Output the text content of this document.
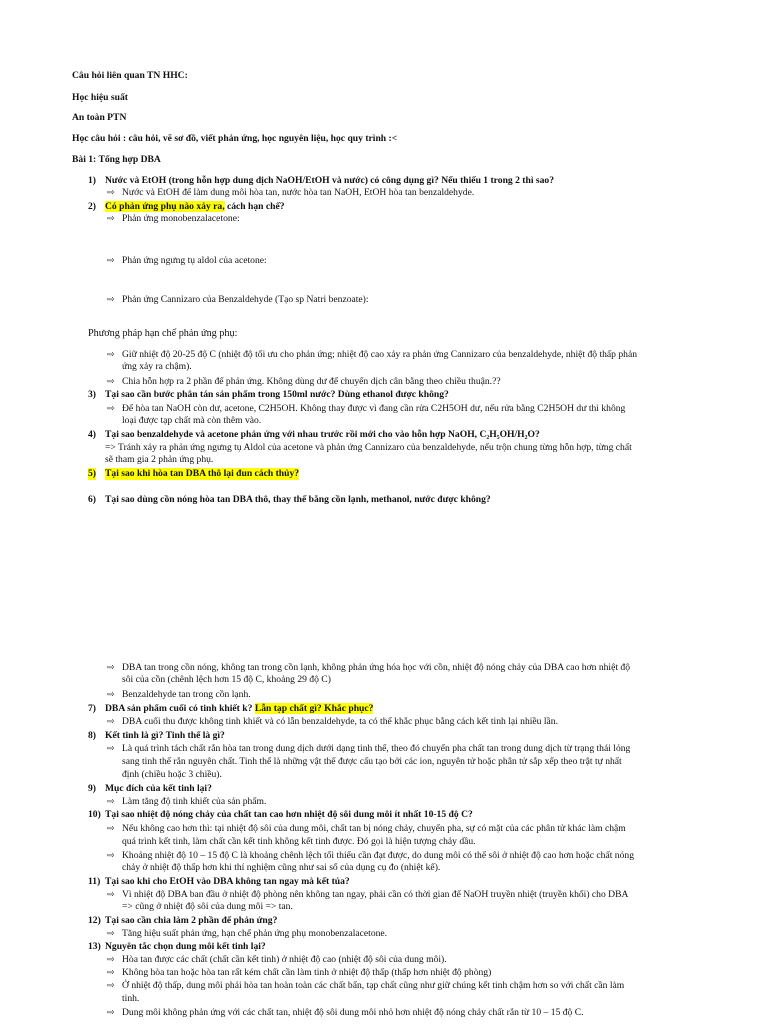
Câu hỏi liên quan TN HHC:
Học hiệu suất
An toàn PTN
Học câu hỏi : câu hỏi, vẽ sơ đồ, viết phản ứng, học nguyên liệu, học quy trình :<
Bài 1: Tổng hợp DBA
1) Nước và EtOH (trong hỗn hợp dung dịch NaOH/EtOH và nước) có công dụng gì? Nếu thiếu 1 trong 2 thì sao?
⇨ Nước và EtOH để làm dung môi hòa tan, nước hòa tan NaOH, EtOH hòa tan benzaldehyde.
2) Có phản ứng phụ nào xảy ra, cách hạn chế?
⇨ Phản ứng monobenzalacetone:
⇨ Phản ứng ngưng tụ aldol của acetone:
⇨ Phản ứng Cannizaro của Benzaldehyde (Tạo sp Natri benzoate):
Phương pháp hạn chế phản ứng phụ:
⇨ Giữ nhiệt độ 20-25 độ C (nhiệt độ tối ưu cho phản ứng; nhiệt độ cao xảy ra phản ứng Cannizaro của benzaldehyde, nhiệt độ thấp phản
ứng xảy ra chậm).
⇨ Chia hỗn hợp ra 2 phần để phản ứng. Không dùng dư để chuyển dịch cân bằng theo chiều thuận.??
3) Tại sao cần bước phân tán sản phẩm trong 150ml nước? Dùng ethanol được không?
⇨ Để hòa tan NaOH còn dư, acetone, C2H5OH. Không thay được vì đang cần rửa C2H5OH dư, nếu rửa bằng C2H5OH dư thì không
loại được tạp chất mà còn thêm vào.
4) Tại sao benzaldehyde và acetone phản ứng với nhau trước rồi mới cho vào hỗn hợp NaOH, C₂H₅OH/H₂O?
=> Tránh xảy ra phản ứng ngưng tụ Aldol của acetone và phản ứng Cannizaro của benzaldehyde, nếu trộn chung từng hỗn hợp, từng chất
sẽ tham gia 2 phản ứng phụ.
5) Tại sao khi hòa tan DBA thô lại đun cách thủy?
6) Tại sao dùng cồn nóng hòa tan DBA thô, thay thế bằng cồn lạnh, methanol, nước được không?
⇨ DBA tan trong cồn nóng, không tan trong cồn lạnh, không phản ứng hóa học với cồn, nhiệt độ nóng chảy của DBA cao hơn nhiệt độ
sôi của cồn (chênh lệch hơn 15 độ C, khoảng 29 độ C)
⇨ Benzaldehyde tan trong cồn lạnh.
7) DBA sản phẩm cuối có tinh khiết k? Lẫn tạp chất gì? Khắc phục?
⇨ DBA cuối thu được không tinh khiết và có lẫn benzaldehyde, ta có thể khắc phục bằng cách kết tinh lại nhiều lần.
8) Kết tinh là gì? Tinh thể là gì?
⇨ Là quá trình tách chất rắn hòa tan trong dung dịch dưới dạng tinh thể, theo đó chuyển pha chất tan trong dung dịch từ trạng thái lỏng
sang tinh thể rắn nguyên chất. Tinh thể là những vật thể được cấu tạo bởi các ion, nguyên tử hoặc phân tử sắp xếp theo trật tự nhất
định (chiều hoặc 3 chiều).
9) Mục đích của kết tinh lại?
⇨ Làm tăng độ tinh khiết của sản phẩm.
10) Tại sao nhiệt độ nóng chảy của chất tan cao hơn nhiệt độ sôi dung môi ít nhất 10-15 độ C?
⇨ Nếu không cao hơn thì: tại nhiệt độ sôi của dung môi, chất tan bị nóng chảy, chuyển pha, sự có mặt của các phân tử khác làm chậm
quá trình kết tinh, làm chất cần kết tinh không kết tinh được. Đó gọi là hiện tượng chảy dầu.
⇨ Khoảng nhiệt độ 10 – 15 độ C là khoảng chênh lệch tối thiểu cần đạt được, do dung môi có thể sôi ở nhiệt độ cao hơn hoặc chất nóng
chảy ở nhiệt độ thấp hơn khi thí nghiệm cũng như sai số của dụng cụ đo (nhiệt kế).
11) Tại sao khi cho EtOH vào DBA không tan ngay mà kết tủa?
⇨ Vì nhiệt độ DBA ban đầu ở nhiệt độ phòng nên không tan ngay, phải cần có thời gian để NaOH truyền nhiệt (truyền khối) cho DBA
=> cũng ở nhiệt độ sôi của dung môi => tan.
12) Tại sao cần chia làm 2 phần để phản ứng?
⇨ Tăng hiệu suất phản ứng, hạn chế phản ứng phụ monobenzalacetone.
13) Nguyên tắc chọn dung môi kết tinh lại?
⇨ Hòa tan được các chất (chất cần kết tinh) ở nhiệt độ cao (nhiệt độ sôi của dung môi).
⇨ Không hòa tan hoặc hòa tan rất kém chất cần làm tinh ở nhiệt độ thấp (thấp hơn nhiệt độ phòng)
⇨ Ở nhiệt độ thấp, dung môi phải hòa tan hoàn toàn các chất bẩn, tạp chất cũng như giữ chúng kết tinh chậm hơn so với chất cần làm
tinh.
⇨ Dung môi không phản ứng với các chất tan, nhiệt độ sôi dung môi nhỏ hơn nhiệt độ nóng chảy chất rắn từ 10 – 15 độ C.
